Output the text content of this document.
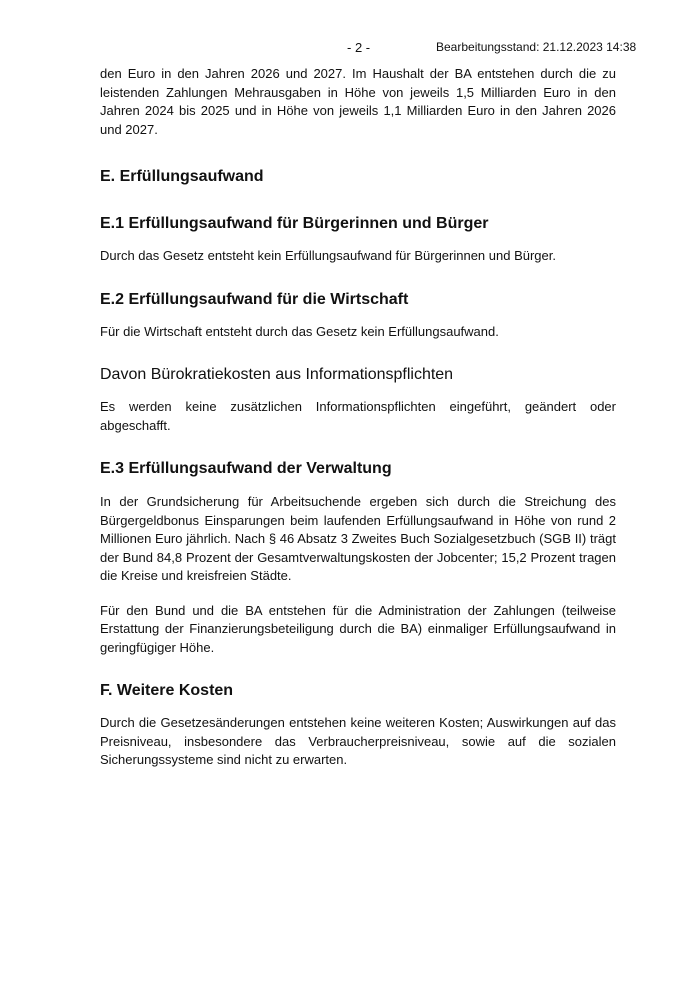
- 2 -	Bearbeitungsstand: 21.12.2023 14:38

den Euro in den Jahren 2026 und 2027. Im Haushalt der BA entstehen durch die zu leistenden Zahlungen Mehrausgaben in Höhe von jeweils 1,5 Milliarden Euro in den Jahren 2024 bis 2025 und in Höhe von jeweils 1,1 Milliarden Euro in den Jahren 2026 und 2027.

E. Erfüllungsaufwand
E.1 Erfüllungsaufwand für Bürgerinnen und Bürger

Durch das Gesetz entsteht kein Erfüllungsaufwand für Bürgerinnen und Bürger.

E.2 Erfüllungsaufwand für die Wirtschaft

Für die Wirtschaft entsteht durch das Gesetz kein Erfüllungsaufwand.

Davon Bürokratiekosten aus Informationspflichten

Es werden keine zusätzlichen Informationspflichten eingeführt, geändert oder abgeschafft.

E.3 Erfüllungsaufwand der Verwaltung

In der Grundsicherung für Arbeitsuchende ergeben sich durch die Streichung des Bürgergeldbonus Einsparungen beim laufenden Erfüllungsaufwand in Höhe von rund 2 Millionen Euro jährlich. Nach § 46 Absatz 3 Zweites Buch Sozialgesetzbuch (SGB II) trägt der Bund 84,8 Prozent der Gesamtverwaltungskosten der Jobcenter; 15,2 Prozent tragen die Kreise und kreisfreien Städte.

Für den Bund und die BA entstehen für die Administration der Zahlungen (teilweise Erstattung der Finanzierungsbeteiligung durch die BA) einmaliger Erfüllungsaufwand in geringfügiger Höhe.

F. Weitere Kosten

Durch die Gesetzesänderungen entstehen keine weiteren Kosten; Auswirkungen auf das Preisniveau, insbesondere das Verbraucherpreisniveau, sowie auf die sozialen Sicherungssysteme sind nicht zu erwarten.
